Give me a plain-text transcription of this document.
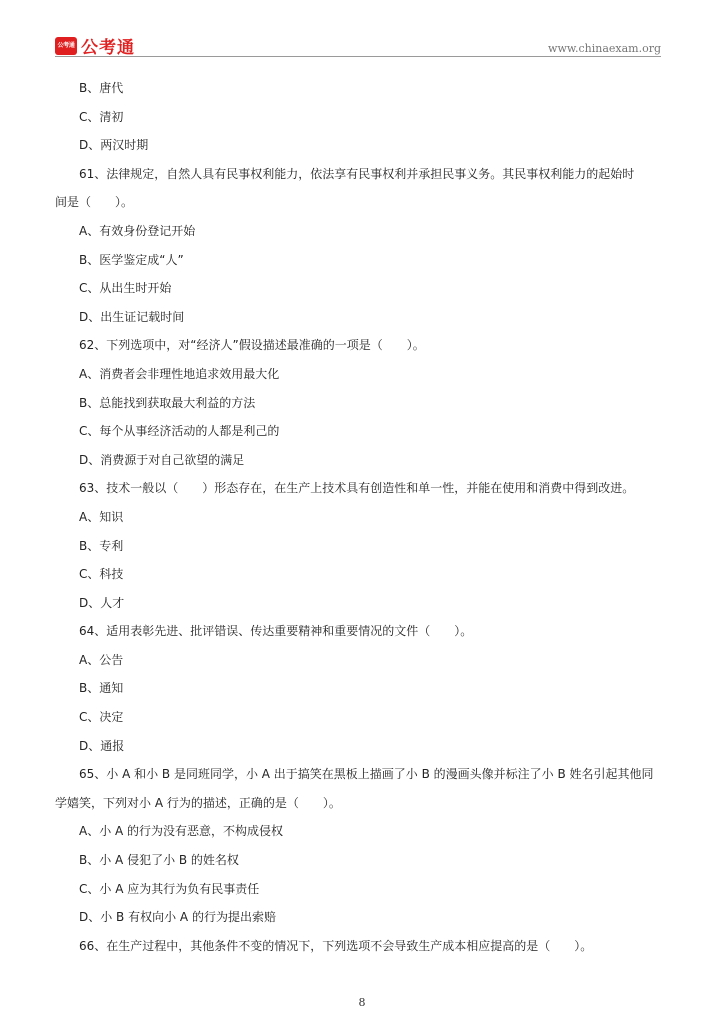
公考通 公考通	www.chinaexam.org
B、唐代
C、清初
D、两汉时期
61、法律规定，自然人具有民事权利能力，依法享有民事权利并承担民事义务。其民事权利能力的起始时
间是（　　）。
A、有效身份登记开始
B、医学鉴定成“人”
C、从出生时开始
D、出生证记载时间
62、下列选项中，对“经济人”假设描述最准确的一项是（　　）。
A、消费者会非理性地追求效用最大化
B、总能找到获取最大利益的方法
C、每个从事经济活动的人都是利己的
D、消费源于对自己欲望的满足
63、技术一般以（　　）形态存在，在生产上技术具有创造性和单一性，并能在使用和消费中得到改进。
A、知识
B、专利
C、科技
D、人才
64、适用表彰先进、批评错误、传达重要精神和重要情况的文件（　　）。
A、公告
B、通知
C、决定
D、通报
65、小 A 和小 B 是同班同学，小 A 出于搞笑在黑板上描画了小 B 的漫画头像并标注了小 B 姓名引起其他同
学嬉笑，下列对小 A 行为的描述，正确的是（　　）。
A、小 A 的行为没有恶意，不构成侵权
B、小 A 侵犯了小 B 的姓名权
C、小 A 应为其行为负有民事责任
D、小 B 有权向小 A 的行为提出索赔
66、在生产过程中，其他条件不变的情况下，下列选项不会导致生产成本相应提高的是（　　）。
8
